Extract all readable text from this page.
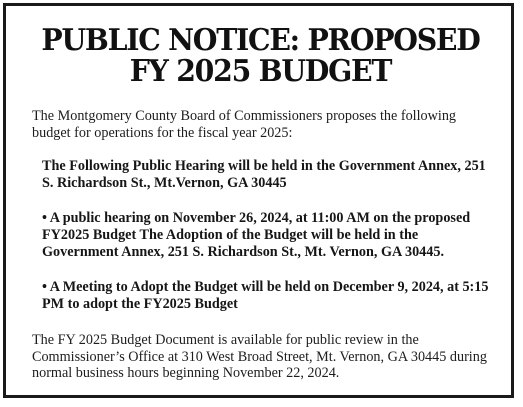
PUBLIC NOTICE: PROPOSED
FY 2025 BUDGET

The Montgomery County Board of Commissioners proposes the following budget for operations for the fiscal year 2025:

The Following Public Hearing will be held in the Government Annex, 251 S. Richardson St., Mt.Vernon, GA 30445

• A public hearing on November 26, 2024, at 11:00 AM on the proposed FY2025 Budget The Adoption of the Budget will be held in the Government Annex, 251 S. Richardson St., Mt. Vernon, GA 30445.

• A Meeting to Adopt the Budget will be held on December 9, 2024, at 5:15 PM to adopt the FY2025 Budget

The FY 2025 Budget Document is available for public review in the Commissioner’s Office at 310 West Broad Street, Mt. Vernon, GA 30445 during normal business hours beginning November 22, 2024.
